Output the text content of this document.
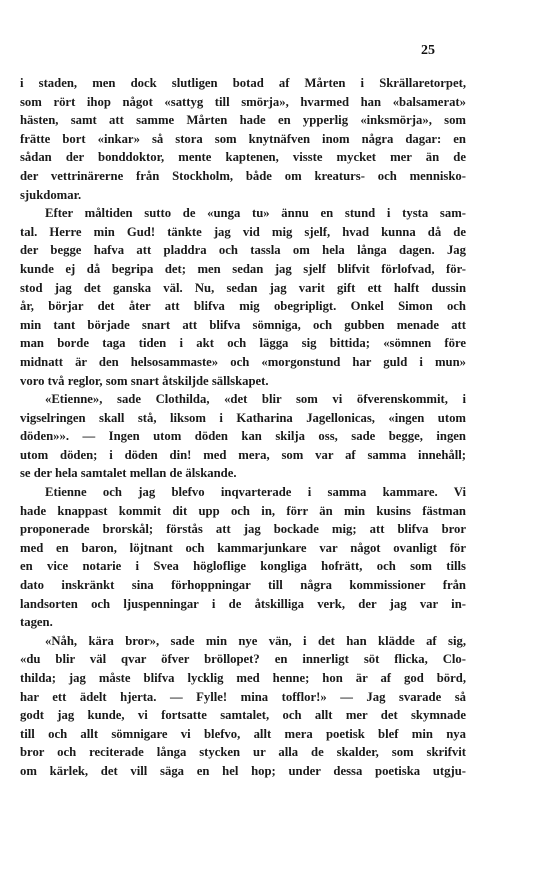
25
i staden, men dock slutligen botad af Mårten i Skrällaretorpet,
som rört ihop något «sattyg till smörja», hvarmed han «balsamerat»
hästen, samt att samme Mårten hade en ypperlig «inksmörja», som
frätte bort «inkar» så stora som knytnäfven inom några dagar: en
sådan der bonddoktor, mente kaptenen, visste mycket mer än de
der vettrinärerne från Stockholm, både om kreaturs- och mennisko-
sjukdomar.
Efter måltiden sutto de «unga tu» ännu en stund i tysta sam-
tal. Herre min Gud! tänkte jag vid mig sjelf, hvad kunna då de
der begge hafva att pladdra och tassla om hela långa dagen. Jag
kunde ej då begripa det; men sedan jag sjelf blifvit förlofvad, för-
stod jag det ganska väl. Nu, sedan jag varit gift ett halft dussin
år, börjar det åter att blifva mig obegripligt. Onkel Simon och
min tant började snart att blifva sömniga, och gubben menade att
man borde taga tiden i akt och lägga sig bittida; «sömnen före
midnatt är den helsosammaste» och «morgonstund har guld i mun»
voro två reglor, som snart åtskiljde sällskapet.
«Etienne», sade Clothilda, «det blir som vi öfverenskommit, i
vigselringen skall stå, liksom i Katharina Jagellonicas, «ingen utom
döden»». — Ingen utom döden kan skilja oss, sade begge, ingen
utom döden; i döden din! med mera, som var af samma innehåll;
se der hela samtalet mellan de älskande.
Etienne och jag blefvo inqvarterade i samma kammare. Vi
hade knappast kommit dit upp och in, förr än min kusins fästman
proponerade brorskål; förstås att jag bockade mig; att blifva bror
med en baron, löjtnant och kammarjunkare var något ovanligt för
en vice notarie i Svea högloflige kongliga hofrätt, och som tills
dato inskränkt sina förhoppningar till några kommissioner från
landsorten och ljuspenningar i de åtskilliga verk, der jag var in-
tagen.
«Nåh, kära bror», sade min nye vän, i det han klädde af sig,
«du blir väl qvar öfver bröllopet? en innerligt söt flicka, Clo-
thilda; jag måste blifva lycklig med henne; hon är af god börd,
har ett ädelt hjerta. — Fylle! mina tofflor!» — Jag svarade så
godt jag kunde, vi fortsatte samtalet, och allt mer det skymnade
till och allt sömnigare vi blefvo, allt mera poetisk blef min nya
bror och reciterade långa stycken ur alla de skalder, som skrifvit
om kärlek, det vill säga en hel hop; under dessa poetiska utgju-
